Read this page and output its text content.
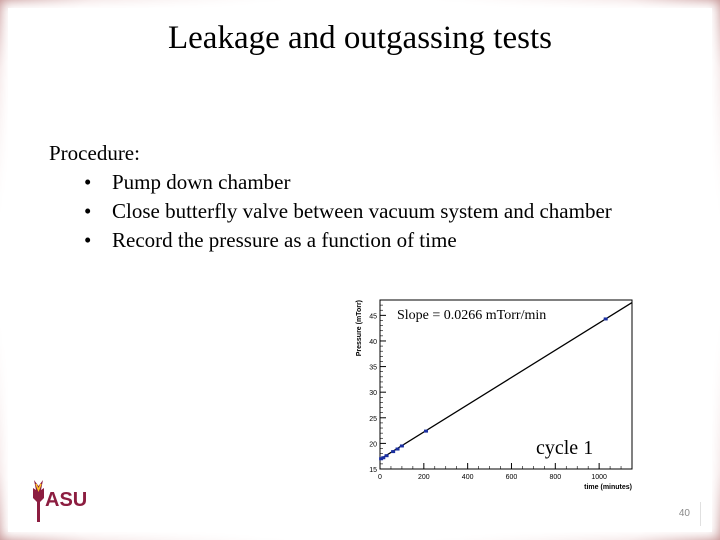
Leakage and outgassing tests
Procedure:
• Pump down chamber
• Close butterfly valve between vacuum system and chamber
• Record the pressure as a function of time
15
20
25
30
35
40
45
0	200	400	600	800	1000
time (minutes)
Pressure (mTorr) Slope = 0.0266 mTorr/min
cycle 1
ASU
40
